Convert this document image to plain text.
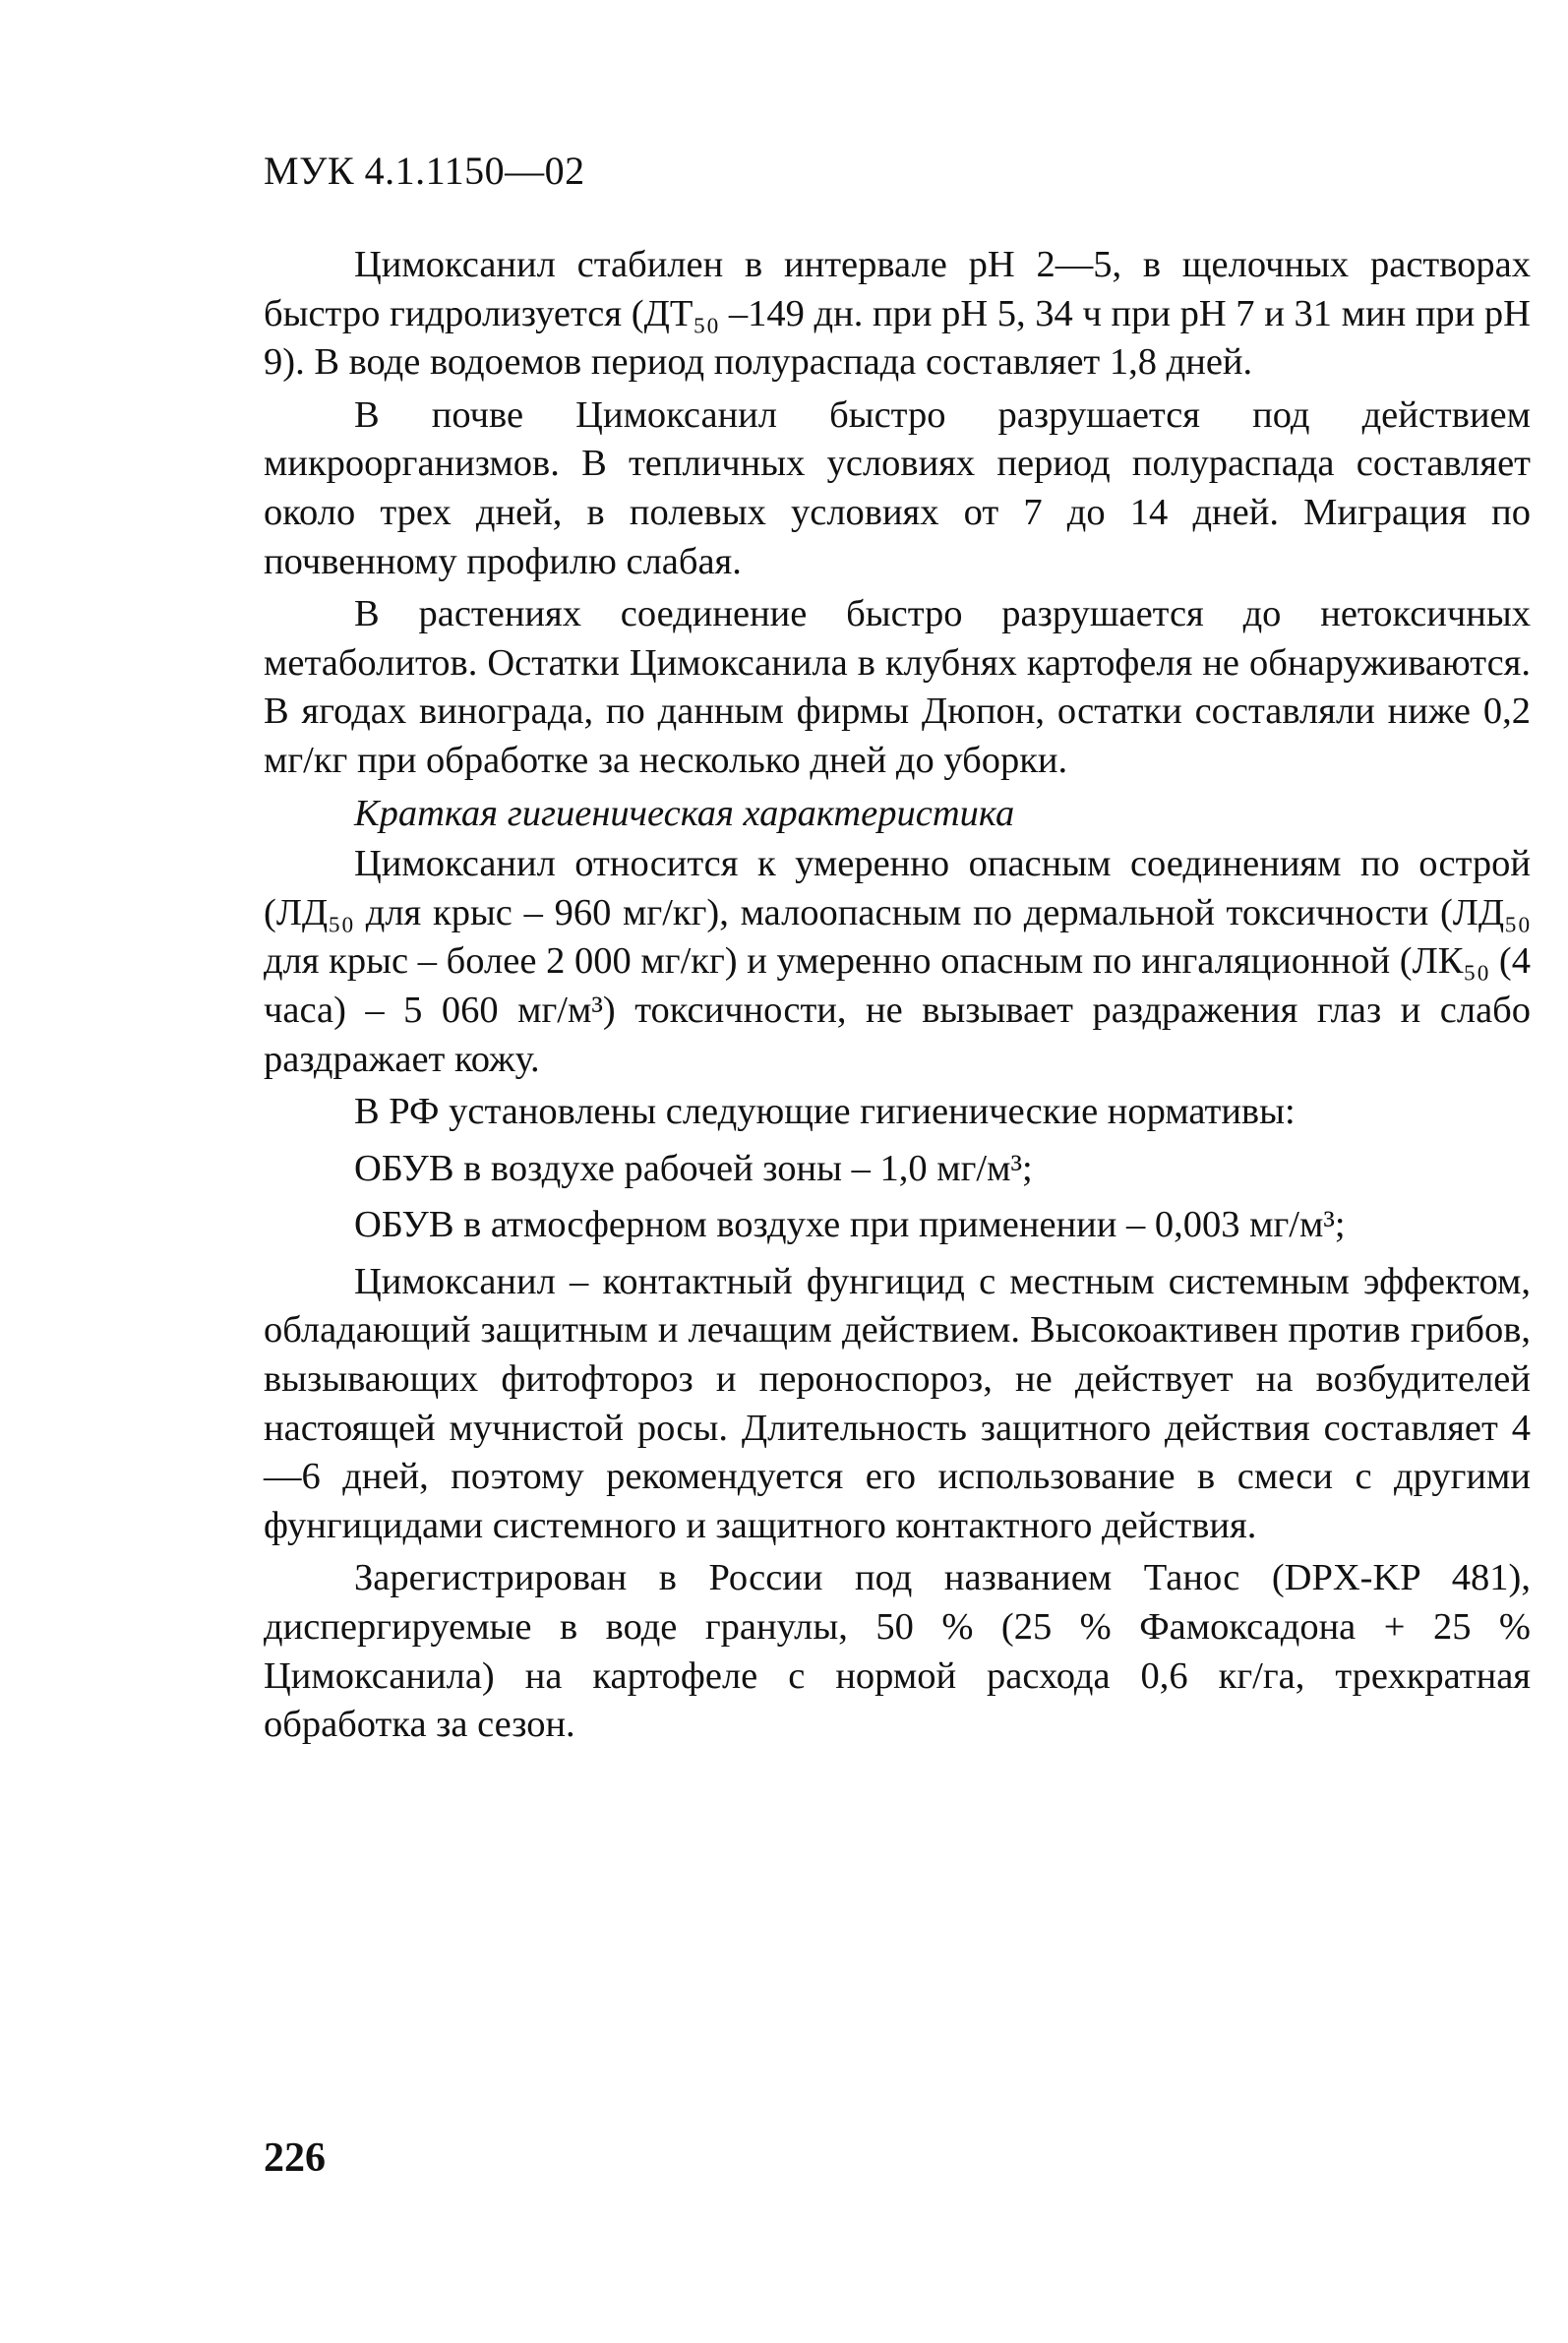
МУК 4.1.1150—02

Цимоксанил стабилен в интервале рН 2—5, в щелочных растворах быстро гидролизуется (ДТ₅₀ –149 дн. при рН 5, 34 ч при рН 7 и 31 мин при рН 9). В воде водоемов период полураспада составляет 1,8 дней.

В почве Цимоксанил быстро разрушается под действием микроорганизмов. В тепличных условиях период полураспада составляет около трех дней, в полевых условиях от 7 до 14 дней. Миграция по почвенному профилю слабая.

В растениях соединение быстро разрушается до нетоксичных метаболитов. Остатки Цимоксанила в клубнях картофеля не обнаруживаются. В ягодах винограда, по данным фирмы Дюпон, остатки составляли ниже 0,2 мг/кг при обработке за несколько дней до уборки.

Краткая гигиеническая характеристика

Цимоксанил относится к умеренно опасным соединениям по острой (ЛД₅₀ для крыс – 960 мг/кг), малоопасным по дермальной токсичности (ЛД₅₀ для крыс – более 2 000 мг/кг) и умеренно опасным по ингаляционной (ЛК₅₀ (4 часа) – 5 060 мг/м³) токсичности, не вызывает раздражения глаз и слабо раздражает кожу.

В РФ установлены следующие гигиенические нормативы:

ОБУВ в воздухе рабочей зоны – 1,0 мг/м³;

ОБУВ в атмосферном воздухе при применении – 0,003 мг/м³;

Цимоксанил – контактный фунгицид с местным системным эффектом, обладающий защитным и лечащим действием. Высокоактивен против грибов, вызывающих фитофтороз и пероноспороз, не действует на возбудителей настоящей мучнистой росы. Длительность защитного действия составляет 4—6 дней, поэтому рекомендуется его использование в смеси с другими фунгицидами системного и защитного контактного действия.

Зарегистрирован в России под названием Танос (DPX-KP 481), диспергируемые в воде гранулы, 50 % (25 % Фамоксадона + 25 % Цимоксанила) на картофеле с нормой расхода 0,6 кг/га, трехкратная обработка за сезон.

226
